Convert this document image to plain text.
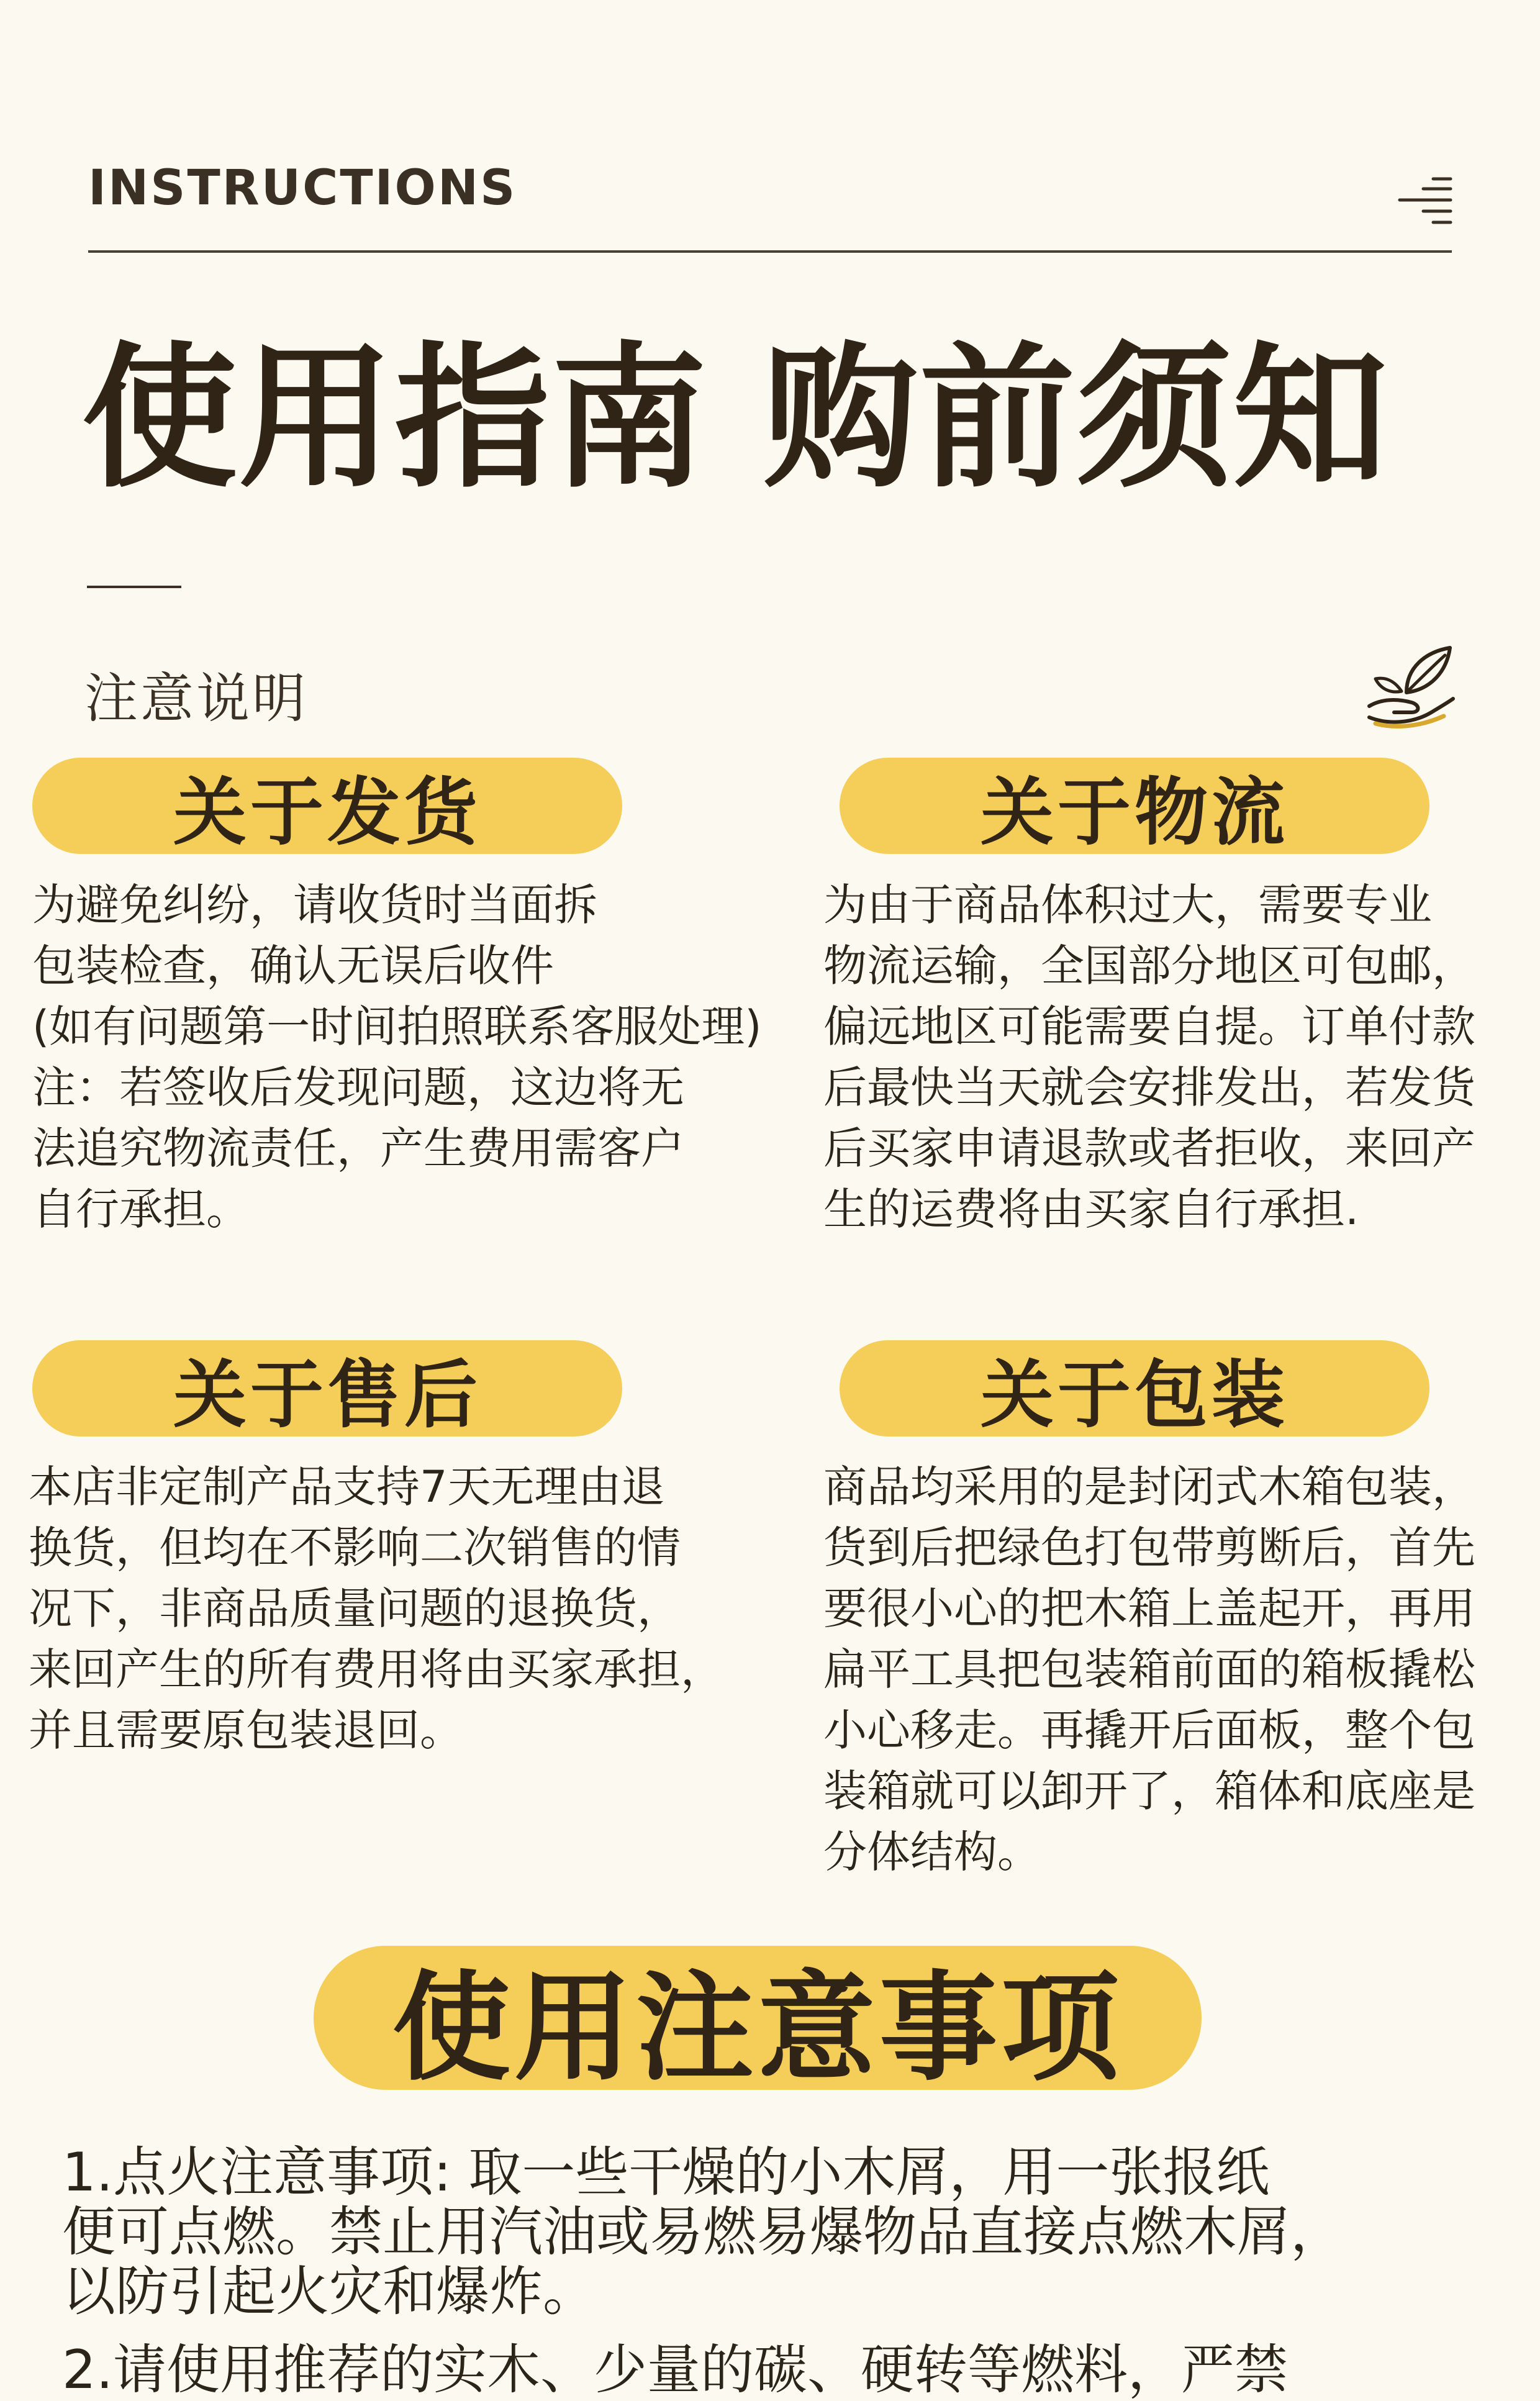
INSTRUCTIONS
使用指南 购前须知
注意说明
关于发货
为避免纠纷，请收货时当面拆
包装检查，确认无误后收件
(如有问题第一时间拍照联系客服处理)
注：若签收后发现问题，这边将无
法追究物流责任，产生费用需客户
自行承担。
关于物流
为由于商品体积过大，需要专业
物流运输，全国部分地区可包邮，
偏远地区可能需要自提。订单付款
后最快当天就会安排发出，若发货
后买家申请退款或者拒收，来回产
生的运费将由买家自行承担.
关于售后
本店非定制产品支持7天无理由退
换货，但均在不影响二次销售的情
况下，非商品质量问题的退换货，
来回产生的所有费用将由买家承担，
并且需要原包装退回。
关于包装
商品均采用的是封闭式木箱包装，
货到后把绿色打包带剪断后，首先
要很小心的把木箱上盖起开，再用
扁平工具把包装箱前面的箱板撬松
小心移走。再撬开后面板，整个包
装箱就可以卸开了，箱体和底座是
分体结构。
使用注意事项
1.点火注意事项: 取一些干燥的小木屑，用一张报纸
便可点燃。禁止用汽油或易燃易爆物品直接点燃木屑，
以防引起火灾和爆炸。
2.请使用推荐的实木、少量的碳、硬转等燃料，严禁
